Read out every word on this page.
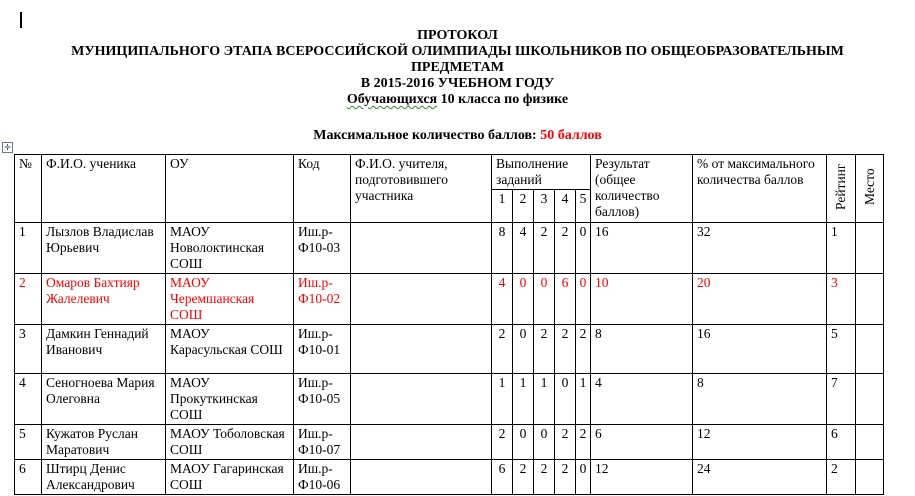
ПРОТОКОЛ
МУНИЦИПАЛЬНОГО ЭТАПА ВСЕРОССИЙСКОЙ ОЛИМПИАДЫ ШКОЛЬНИКОВ ПО ОБЩЕОБРАЗОВАТЕЛЬНЫМ
ПРЕДМЕТАМ
В 2015-2016 УЧЕБНОМ ГОДУ
Обучающихся 10 класса по физике
Максимальное количество баллов: 50 баллов
✛
№	Ф.И.О. ученика	ОУ	Код	Ф.И.О. учителя, подготовившего участника	Выполнение заданий					Результат (общее количество баллов)	% от максимального количества баллов	Рейтинг	Место
					1	2	3	4	5				
1	Лызлов Владислав Юрьевич	МАОУ Новолоктинская СОШ	Иш.р-Ф10-03		8	4	2	2	0	16	32	1	
2	Омаров Бахтияр Жалелевич	МАОУ Черемшанская СОШ	Иш.р-Ф10-02		4	0	0	6	0	10	20	3	
3	Дамкин Геннадий Иванович	МАОУ Карасульская СОШ	Иш.р-Ф10-01		2	0	2	2	2	8	16	5	
4	Сеногноева Мария Олеговна	МАОУ Прокуткинская СОШ	Иш.р-Ф10-05		1	1	1	0	1	4	8	7	
5	Кужатов Руслан Маратович	МАОУ Тоболовская СОШ	Иш.р-Ф10-07		2	0	0	2	2	6	12	6	
6	Штирц Денис Александрович	МАОУ Гагаринская СОШ	Иш.р-Ф10-06		6	2	2	2	0	12	24	2	
